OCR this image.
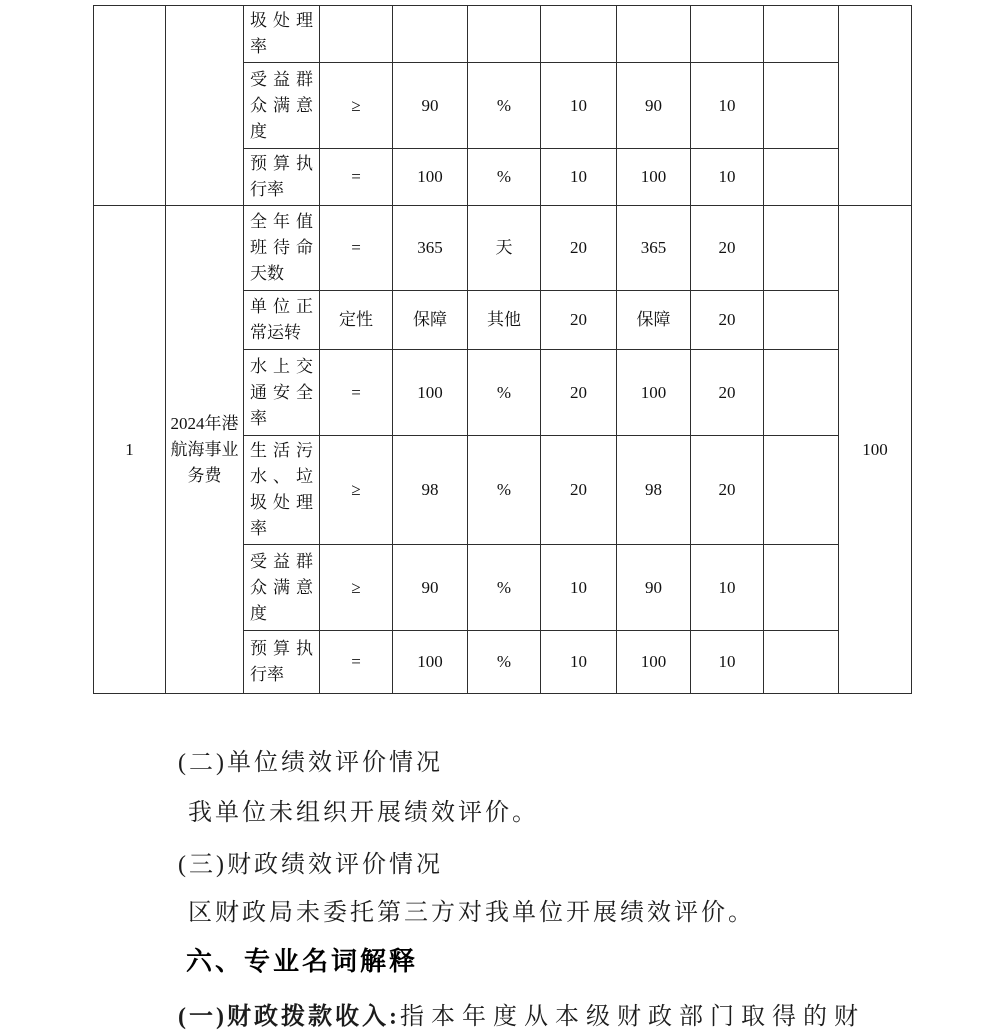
		圾处理率								
		受益群众满意度	≥	90	%	10	90	10		
		预算执行率	=	100	%	10	100	10		
1	2024年港航海事业务费	全年值班待命天数	=	365	天	20	365	20		100
		单位正常运转	定性	保障	其他	20	保障	20		
		水上交通安全率	=	100	%	20	100	20		
		生活污水、垃圾处理率	≥	98	%	20	98	20		
		受益群众满意度	≥	90	%	10	90	10		
		预算执行率	=	100	%	10	100	10		
(二)单位绩效评价情况
我单位未组织开展绩效评价。
(三)财政绩效评价情况
区财政局未委托第三方对我单位开展绩效评价。
六、专业名词解释
(一)财政拨款收入:指本年度从本级财政部门取得的财
